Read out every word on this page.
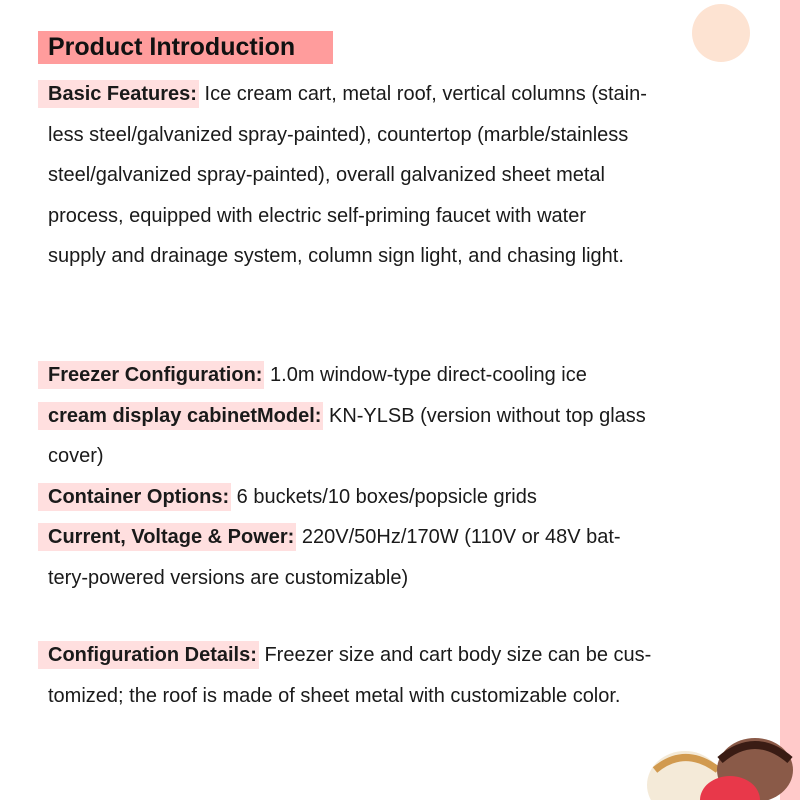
Product Introduction
Basic Features: Ice cream cart, metal roof, vertical columns (stain-
less steel/galvanized spray-painted), countertop (marble/stainless
steel/galvanized spray-painted), overall galvanized sheet metal
process, equipped with electric self-priming faucet with water
supply and drainage system, column sign light, and chasing light.
Freezer Configuration: 1.0m window-type direct-cooling ice
cream display cabinetModel: KN-YLSB (version without top glass
cover)
Container Options: 6 buckets/10 boxes/popsicle grids
Current, Voltage & Power: 220V/50Hz/170W (110V or 48V bat-
tery-powered versions are customizable)
Configuration Details: Freezer size and cart body size can be cus-
tomized; the roof is made of sheet metal with customizable color.
